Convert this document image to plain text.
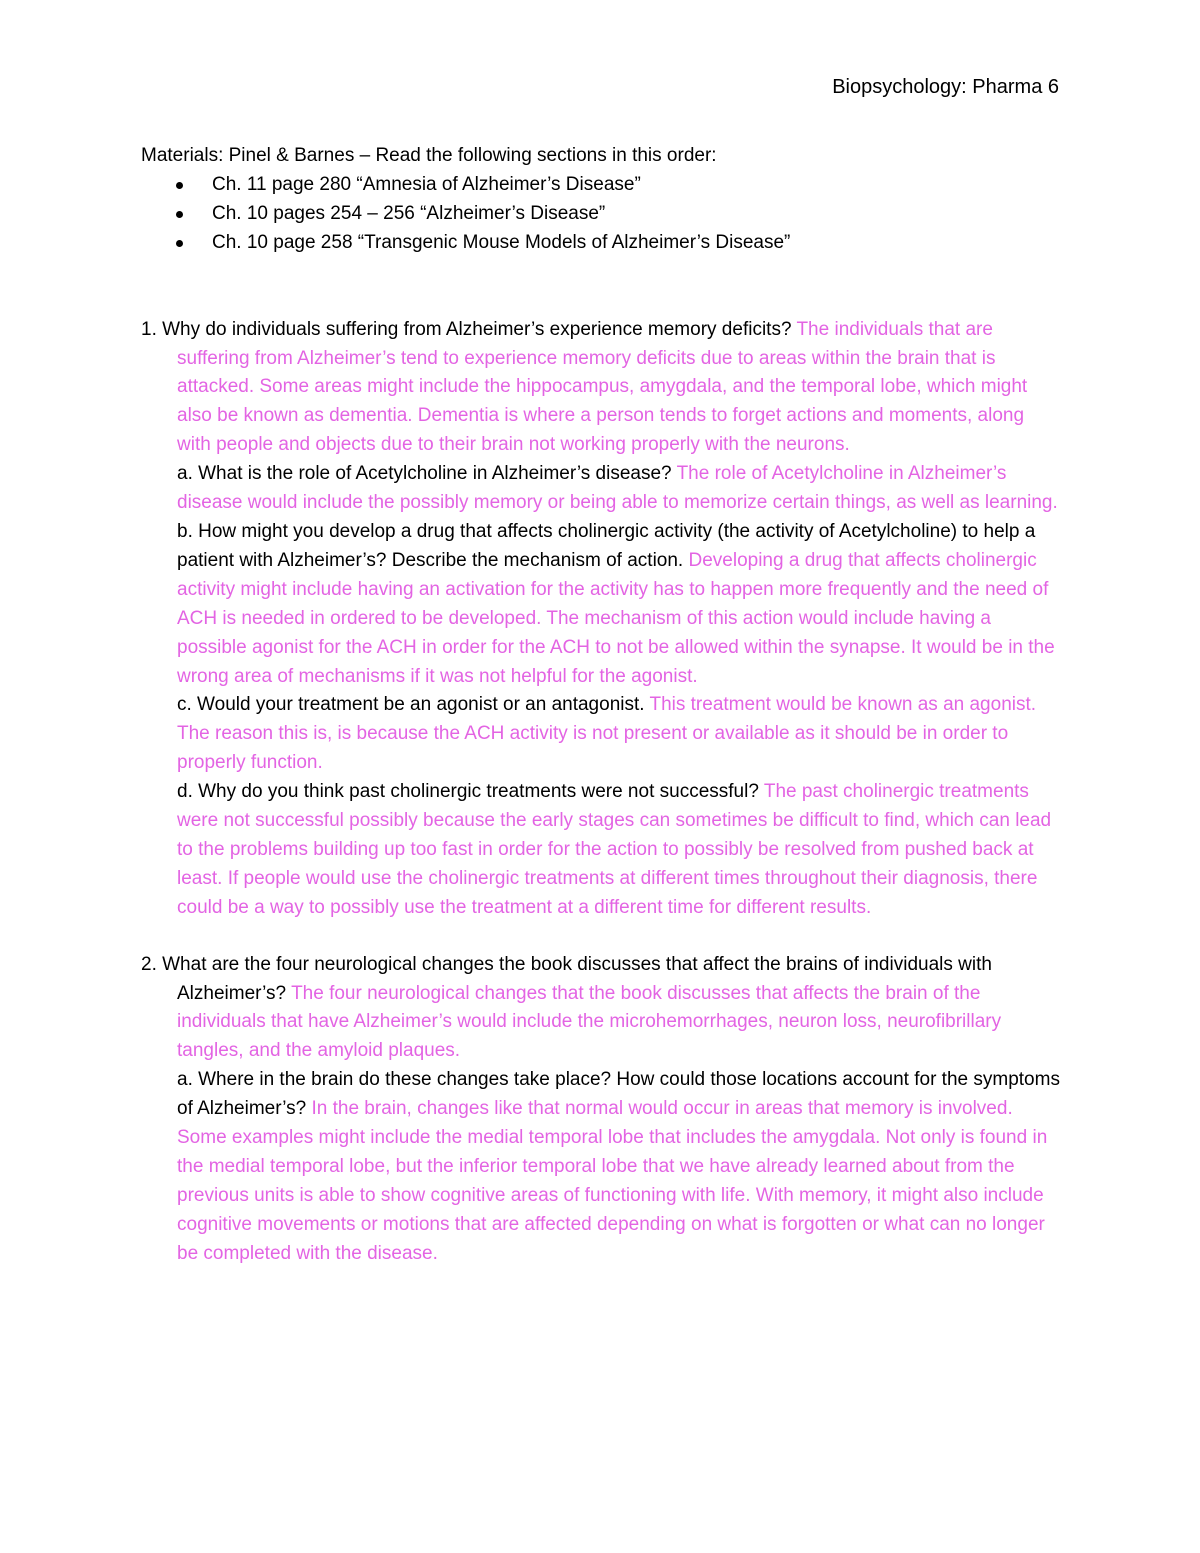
Biopsychology: Pharma 6

Materials: Pinel & Barnes – Read the following sections in this order:

Ch. 11 page 280 “Amnesia of Alzheimer’s Disease”
Ch. 10 pages 254 – 256 “Alzheimer’s Disease”
Ch. 10 page 258 “Transgenic Mouse Models of Alzheimer’s Disease”

1. Why do individuals suffering from Alzheimer’s experience memory deficits? The individuals that are suffering from Alzheimer’s tend to experience memory deficits due to areas within the brain that is attacked. Some areas might include the hippocampus, amygdala, and the temporal lobe, which might also be known as dementia. Dementia is where a person tends to forget actions and moments, along with people and objects due to their brain not working properly with the neurons.

a. What is the role of Acetylcholine in Alzheimer’s disease? The role of Acetylcholine in Alzheimer’s disease would include the possibly memory or being able to memorize certain things, as well as learning.

b. How might you develop a drug that affects cholinergic activity (the activity of Acetylcholine) to help a patient with Alzheimer’s? Describe the mechanism of action. Developing a drug that affects cholinergic activity might include having an activation for the activity has to happen more frequently and the need of ACH is needed in ordered to be developed. The mechanism of this action would include having a possible agonist for the ACH in order for the ACH to not be allowed within the synapse. It would be in the wrong area of mechanisms if it was not helpful for the agonist.

c. Would your treatment be an agonist or an antagonist. This treatment would be known as an agonist. The reason this is, is because the ACH activity is not present or available as it should be in order to properly function.

d. Why do you think past cholinergic treatments were not successful? The past cholinergic treatments were not successful possibly because the early stages can sometimes be difficult to find, which can lead to the problems building up too fast in order for the action to possibly be resolved from pushed back at least. If people would use the cholinergic treatments at different times throughout their diagnosis, there could be a way to possibly use the treatment at a different time for different results.

2. What are the four neurological changes the book discusses that affect the brains of individuals with Alzheimer’s? The four neurological changes that the book discusses that affects the brain of the individuals that have Alzheimer’s would include the microhemorrhages, neuron loss, neurofibrillary tangles, and the amyloid plaques.

a. Where in the brain do these changes take place? How could those locations account for the symptoms of Alzheimer’s? In the brain, changes like that normal would occur in areas that memory is involved. Some examples might include the medial temporal lobe that includes the amygdala. Not only is found in the medial temporal lobe, but the inferior temporal lobe that we have already learned about from the previous units is able to show cognitive areas of functioning with life. With memory, it might also include cognitive movements or motions that are affected depending on what is forgotten or what can no longer be completed with the disease.
